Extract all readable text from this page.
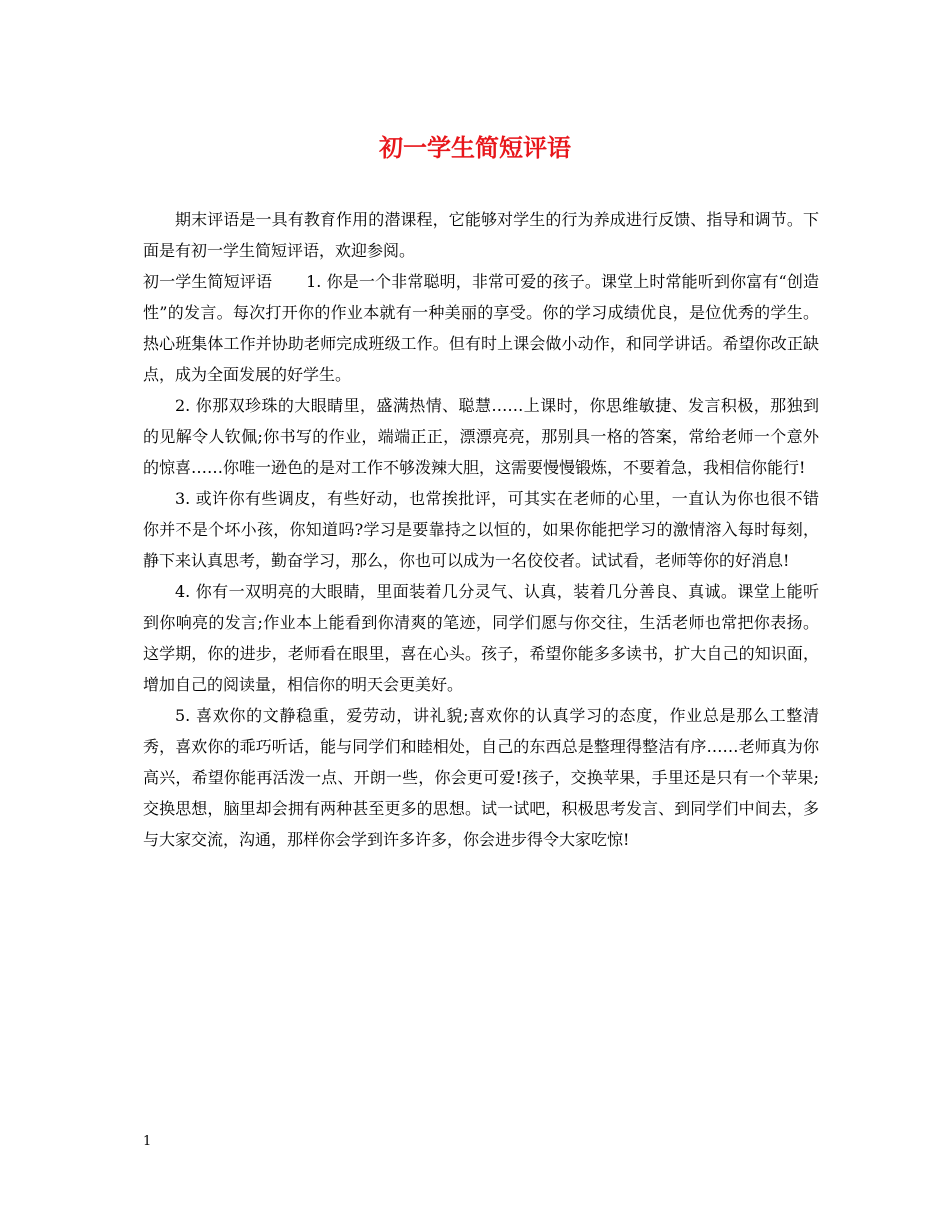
初一学生简短评语

期末评语是一具有教育作用的潜课程，它能够对学生的行为养成进行反馈、指导和调节。下面是有初一学生简短评语，欢迎参阅。

初一学生简短评语 1. 你是一个非常聪明，非常可爱的孩子。课堂上时常能听到你富有“创造性”的发言。每次打开你的作业本就有一种美丽的享受。你的学习成绩优良，是位优秀的学生。热心班集体工作并协助老师完成班级工作。但有时上课会做小动作，和同学讲话。希望你改正缺点，成为全面发展的好学生。

2. 你那双珍珠的大眼睛里，盛满热情、聪慧……上课时，你思维敏捷、发言积极，那独到的见解令人钦佩;你书写的作业，端端正正，漂漂亮亮，那别具一格的答案，常给老师一个意外的惊喜……你唯一逊色的是对工作不够泼辣大胆，这需要慢慢锻炼，不要着急，我相信你能行!

3. 或许你有些调皮，有些好动，也常挨批评，可其实在老师的心里，一直认为你也很不错你并不是个坏小孩，你知道吗?学习是要靠持之以恒的，如果你能把学习的激情溶入每时每刻，静下来认真思考，勤奋学习，那么，你也可以成为一名佼佼者。试试看，老师等你的好消息!

4. 你有一双明亮的大眼睛，里面装着几分灵气、认真，装着几分善良、真诚。课堂上能听到你响亮的发言;作业本上能看到你清爽的笔迹，同学们愿与你交往，生活老师也常把你表扬。这学期，你的进步，老师看在眼里，喜在心头。孩子，希望你能多多读书，扩大自己的知识面，增加自己的阅读量，相信你的明天会更美好。

5. 喜欢你的文静稳重，爱劳动，讲礼貌;喜欢你的认真学习的态度，作业总是那么工整清秀，喜欢你的乖巧听话，能与同学们和睦相处，自己的东西总是整理得整洁有序……老师真为你高兴，希望你能再活泼一点、开朗一些，你会更可爱!孩子，交换苹果，手里还是只有一个苹果;交换思想，脑里却会拥有两种甚至更多的思想。试一试吧，积极思考发言、到同学们中间去，多与大家交流，沟通，那样你会学到许多许多，你会进步得令大家吃惊!

1
